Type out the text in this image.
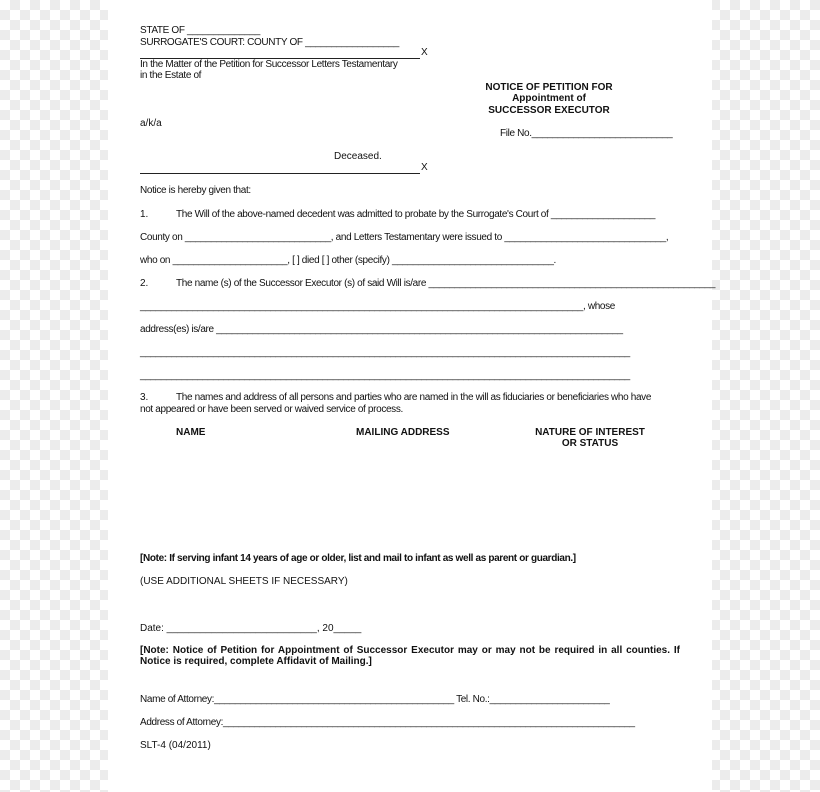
STATE OF ______________
SURROGATE'S COURT: COUNTY OF __________________
X
In the Matter of the Petition for Successor Letters Testamentary
in the Estate of
a/k/a
Deceased.
X
NOTICE OF PETITION FOR
Appointment of
SUCCESSOR EXECUTOR
File No.___________________________
Notice is hereby given that:
1.	The Will of the above-named decedent was admitted to probate by the Surrogate's Court of ____________________
County on ____________________________, and Letters Testamentary were issued to _______________________________,
who on ______________________, [ ] died [ ] other (specify) _______________________________.
2.	The name (s) of the Successor Executor (s) of said Will is/are _______________________________________________________
_____________________________________________________________________________________, whose
address(es) is/are ______________________________________________________________________________
______________________________________________________________________________________________
______________________________________________________________________________________________
3.	The names and address of all persons and parties who are named in the will as fiduciaries or beneficiaries who have
not appeared or have been served or waived service of process.
NAME	MAILING ADDRESS	NATURE OF INTEREST
OR STATUS
[Note: If serving infant 14 years of age or older, list and mail to infant as well as parent or guardian.]
(USE ADDITIONAL SHEETS IF NECESSARY)
Date: ___________________________, 20_____
[Note: Notice of Petition for Appointment of Successor Executor may or may not be required in all counties. If Notice is required, complete Affidavit of Mailing.]
Name of Attorney:______________________________________________ Tel. No.:_______________________
Address of Attorney:_______________________________________________________________________________
SLT-4 (04/2011)
